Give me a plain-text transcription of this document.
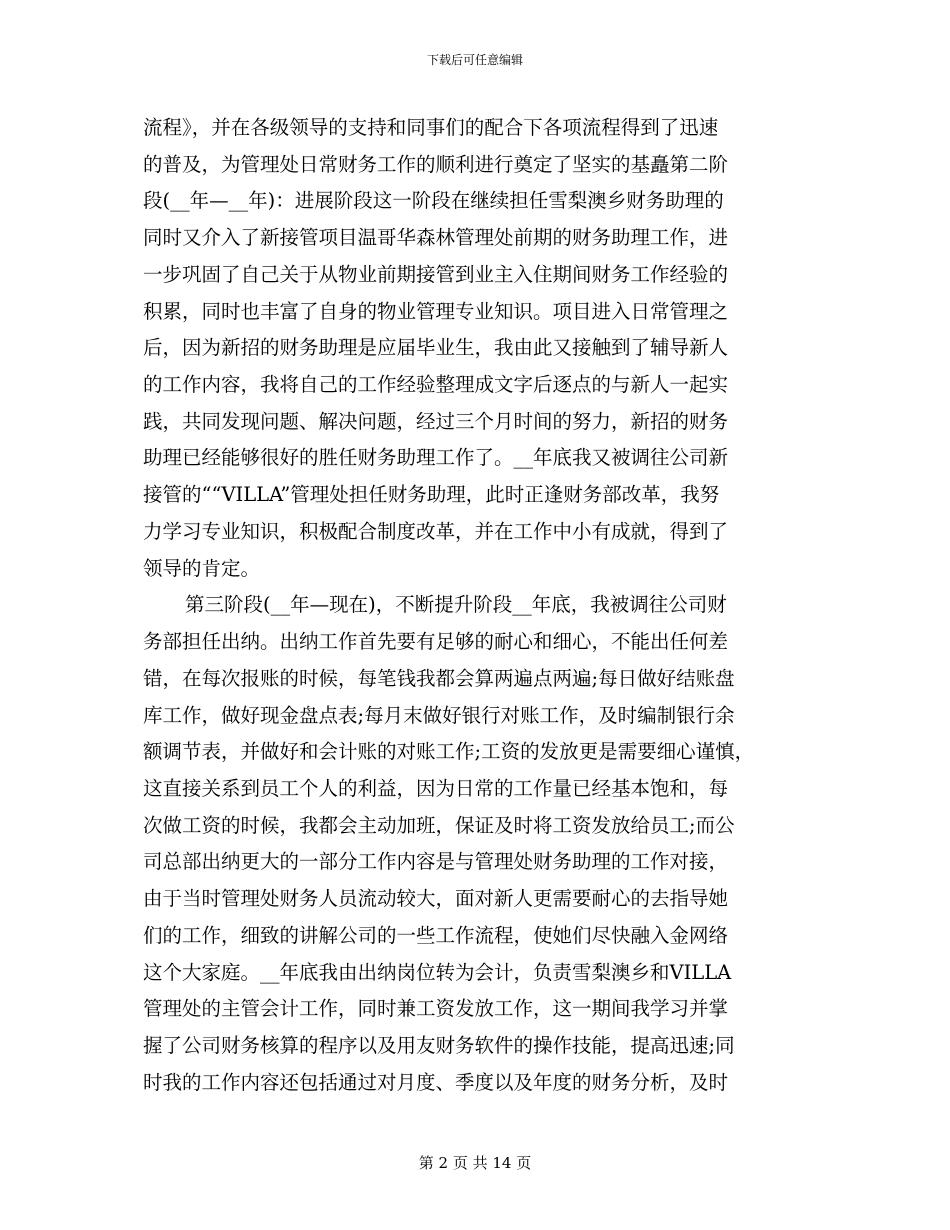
下载后可任意编辑
流程》，并在各级领导的支持和同事们的配合下各项流程得到了迅速
的普及，为管理处日常财务工作的顺利进行奠定了坚实的基矗第二阶
段(__年—__年)：进展阶段这一阶段在继续担任雪梨澳乡财务助理的
同时又介入了新接管项目温哥华森林管理处前期的财务助理工作，进
一步巩固了自己关于从物业前期接管到业主入住期间财务工作经验的
积累，同时也丰富了自身的物业管理专业知识。项目进入日常管理之
后，因为新招的财务助理是应届毕业生，我由此又接触到了辅导新人
的工作内容，我将自己的工作经验整理成文字后逐点的与新人一起实
践，共同发现问题、解决问题，经过三个月时间的努力，新招的财务
助理已经能够很好的胜任财务助理工作了。__年底我又被调往公司新
接管的““VILLA”管理处担任财务助理，此时正逢财务部改革，我努
力学习专业知识，积极配合制度改革，并在工作中小有成就，得到了
领导的肯定。
第三阶段(__年—现在)，不断提升阶段__年底，我被调往公司财
务部担任出纳。出纳工作首先要有足够的耐心和细心，不能出任何差
错，在每次报账的时候，每笔钱我都会算两遍点两遍;每日做好结账盘
库工作，做好现金盘点表;每月末做好银行对账工作，及时编制银行余
额调节表，并做好和会计账的对账工作;工资的发放更是需要细心谨慎，
这直接关系到员工个人的利益，因为日常的工作量已经基本饱和，每
次做工资的时候，我都会主动加班，保证及时将工资发放给员工;而公
司总部出纳更大的一部分工作内容是与管理处财务助理的工作对接，
由于当时管理处财务人员流动较大，面对新人更需要耐心的去指导她
们的工作，细致的讲解公司的一些工作流程，使她们尽快融入金网络
这个大家庭。__年底我由出纳岗位转为会计，负责雪梨澳乡和VILLA
管理处的主管会计工作，同时兼工资发放工作，这一期间我学习并掌
握了公司财务核算的程序以及用友财务软件的操作技能，提高迅速;同
时我的工作内容还包括通过对月度、季度以及年度的财务分析，及时
第 2 页 共 14 页
